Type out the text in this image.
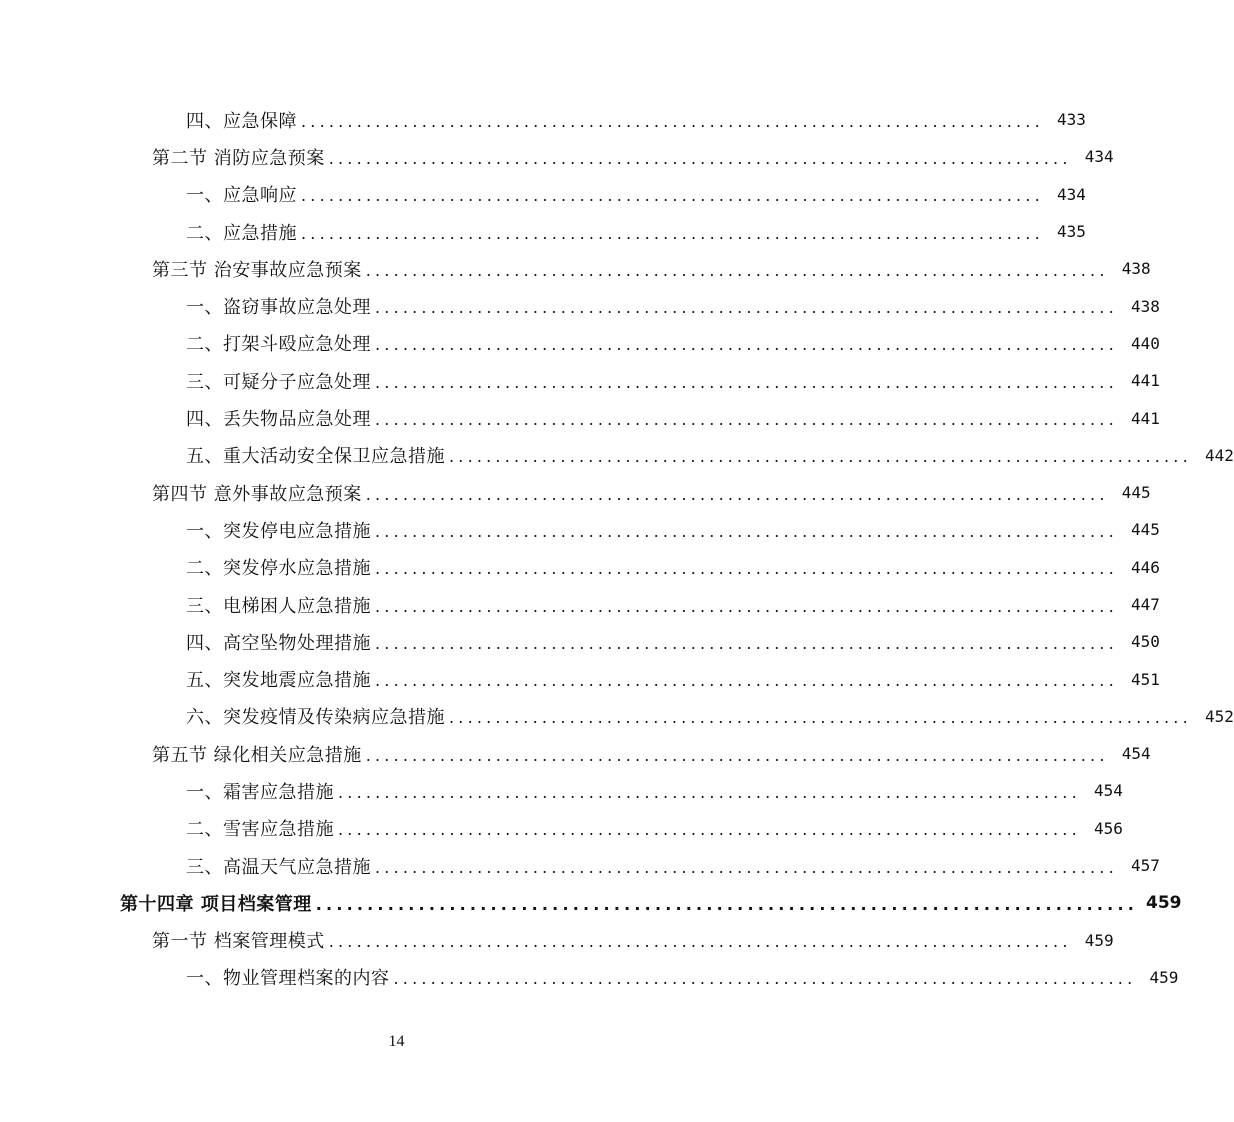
四、应急保障 ................................................................................ 433
第二节 消防应急预案 ................................................................................ 434
一、应急响应 ................................................................................ 434
二、应急措施 ................................................................................ 435
第三节 治安事故应急预案 ................................................................................ 438
一、盗窃事故应急处理 ................................................................................ 438
二、打架斗殴应急处理 ................................................................................ 440
三、可疑分子应急处理 ................................................................................ 441
四、丢失物品应急处理 ................................................................................ 441
五、重大活动安全保卫应急措施 ................................................................................ 442
第四节 意外事故应急预案 ................................................................................ 445
一、突发停电应急措施 ................................................................................ 445
二、突发停水应急措施 ................................................................................ 446
三、电梯困人应急措施 ................................................................................ 447
四、高空坠物处理措施 ................................................................................ 450
五、突发地震应急措施 ................................................................................ 451
六、突发疫情及传染病应急措施 ................................................................................ 452
第五节 绿化相关应急措施 ................................................................................ 454
一、霜害应急措施 ................................................................................ 454
二、雪害应急措施 ................................................................................ 456
三、高温天气应急措施 ................................................................................ 457
第十四章 项目档案管理 ................................................................................ 459
第一节 档案管理模式 ................................................................................ 459
一、物业管理档案的内容 ................................................................................ 459
14
